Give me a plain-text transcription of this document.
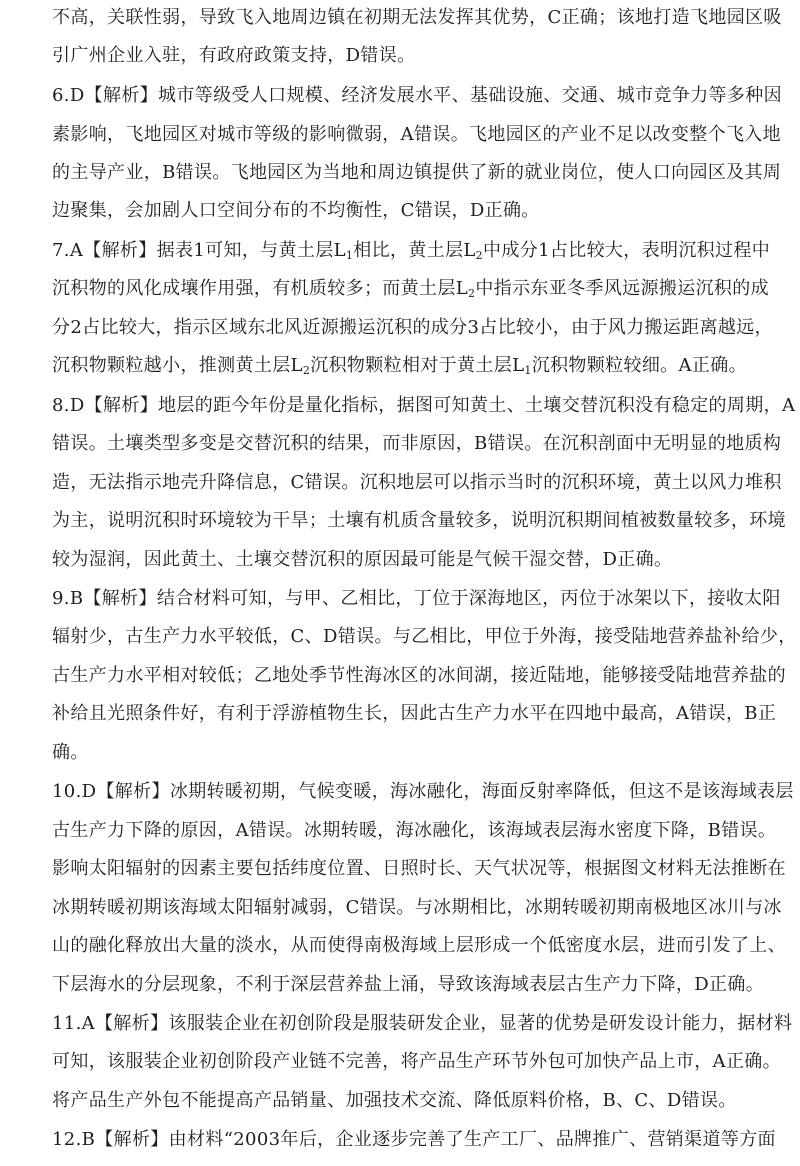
不高，关联性弱，导致飞入地周边镇在初期无法发挥其优势，C正确；该地打造飞地园区吸
引广州企业入驻，有政府政策支持，D错误。
6.D【解析】城市等级受人口规模、经济发展水平、基础设施、交通、城市竞争力等多种因
素影响，飞地园区对城市等级的影响微弱，A错误。飞地园区的产业不足以改变整个飞入地
的主导产业，B错误。飞地园区为当地和周边镇提供了新的就业岗位，使人口向园区及其周
边聚集，会加剧人口空间分布的不均衡性，C错误，D正确。
7.A【解析】据表1可知，与黄土层$L_1$相比，黄土层$L_2$中成分1占比较大，表明沉积过程中
沉积物的风化成壤作用强，有机质较多；而黄土层$L_2$中指示东亚冬季风远源搬运沉积的成
分2占比较大，指示区域东北风近源搬运沉积的成分3占比较小，由于风力搬运距离越远，
沉积物颗粒越小，推测黄土层$L_2$沉积物颗粒相对于黄土层$L_1$沉积物颗粒较细。A正确。
8.D【解析】地层的距今年份是量化指标，据图可知黄土、土壤交替沉积没有稳定的周期，A
错误。土壤类型多变是交替沉积的结果，而非原因，B错误。在沉积剖面中无明显的地质构
造，无法指示地壳升降信息，C错误。沉积地层可以指示当时的沉积环境，黄土以风力堆积
为主，说明沉积时环境较为干旱；土壤有机质含量较多，说明沉积期间植被数量较多，环境
较为湿润，因此黄土、土壤交替沉积的原因最可能是气候干湿交替，D正确。
9.B【解析】结合材料可知，与甲、乙相比，丁位于深海地区，丙位于冰架以下，接收太阳
辐射少，古生产力水平较低，C、D错误。与乙相比，甲位于外海，接受陆地营养盐补给少，
古生产力水平相对较低；乙地处季节性海冰区的冰间湖，接近陆地，能够接受陆地营养盐的
补给且光照条件好，有利于浮游植物生长，因此古生产力水平在四地中最高，A错误，B正
确。
10.D【解析】冰期转暖初期，气候变暖，海冰融化，海面反射率降低，但这不是该海域表层
古生产力下降的原因，A错误。冰期转暖，海冰融化，该海域表层海水密度下降，B错误。
影响太阳辐射的因素主要包括纬度位置、日照时长、天气状况等，根据图文材料无法推断在
冰期转暖初期该海域太阳辐射减弱，C错误。与冰期相比，冰期转暖初期南极地区冰川与冰
山的融化释放出大量的淡水，从而使得南极海域上层形成一个低密度水层，进而引发了上、
下层海水的分层现象，不利于深层营养盐上涌，导致该海域表层古生产力下降，D正确。
11.A【解析】该服装企业在初创阶段是服装研发企业，显著的优势是研发设计能力，据材料
可知，该服装企业初创阶段产业链不完善，将产品生产环节外包可加快产品上市，A正确。
将产品生产外包不能提高产品销量、加强技术交流、降低原料价格，B、C、D错误。
12.B【解析】由材料“2003年后，企业逐步完善了生产工厂、品牌推广、营销渠道等方面
